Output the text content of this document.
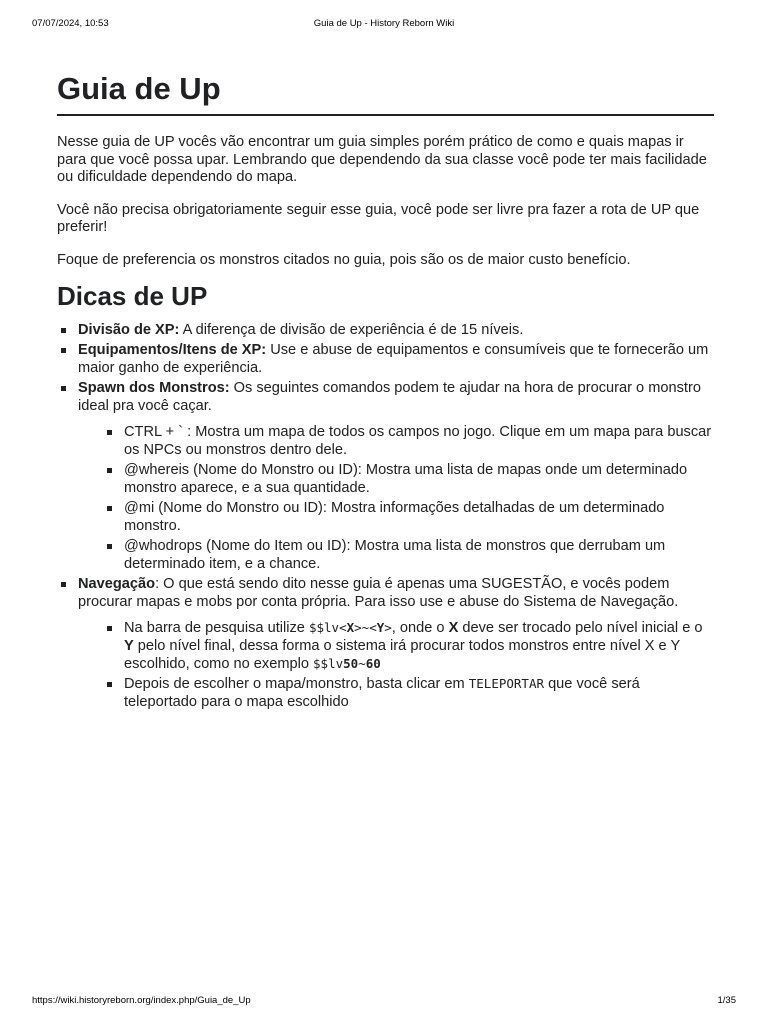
07/07/2024, 10:53	Guia de Up - History Reborn Wiki
Guia de Up

Nesse guia de UP vocês vão encontrar um guia simples porém prático de como e quais mapas ir para que você possa upar. Lembrando que dependendo da sua classe você pode ter mais facilidade ou dificuldade dependendo do mapa.

Você não precisa obrigatoriamente seguir esse guia, você pode ser livre pra fazer a rota de UP que preferir!

Foque de preferencia os monstros citados no guia, pois são os de maior custo benefício.

Dicas de UP
Divisão de XP: A diferença de divisão de experiência é de 15 níveis.
Equipamentos/Itens de XP: Use e abuse de equipamentos e consumíveis que te fornecerão um maior ganho de experiência.
Spawn dos Monstros: Os seguintes comandos podem te ajudar na hora de procurar o monstro ideal pra você caçar.
CTRL + ` : Mostra um mapa de todos os campos no jogo. Clique em um mapa para buscar os NPCs ou monstros dentro dele.
@whereis (Nome do Monstro ou ID): Mostra uma lista de mapas onde um determinado monstro aparece, e a sua quantidade.
@mi (Nome do Monstro ou ID): Mostra informações detalhadas de um determinado monstro.
@whodrops (Nome do Item ou ID): Mostra uma lista de monstros que derrubam um determinado item, e a chance.
Navegação: O que está sendo dito nesse guia é apenas uma SUGESTÃO, e vocês podem procurar mapas e mobs por conta própria. Para isso use e abuse do Sistema de Navegação.
Na barra de pesquisa utilize $$lv<X>~<Y>, onde o X deve ser trocado pelo nível inicial e o Y pelo nível final, dessa forma o sistema irá procurar todos monstros entre nível X e Y escolhido, como no exemplo $$lv50~60
Depois de escolher o mapa/monstro, basta clicar em TELEPORTAR que você será teleportado para o mapa escolhido
https://wiki.historyreborn.org/index.php/Guia_de_Up	1/35
